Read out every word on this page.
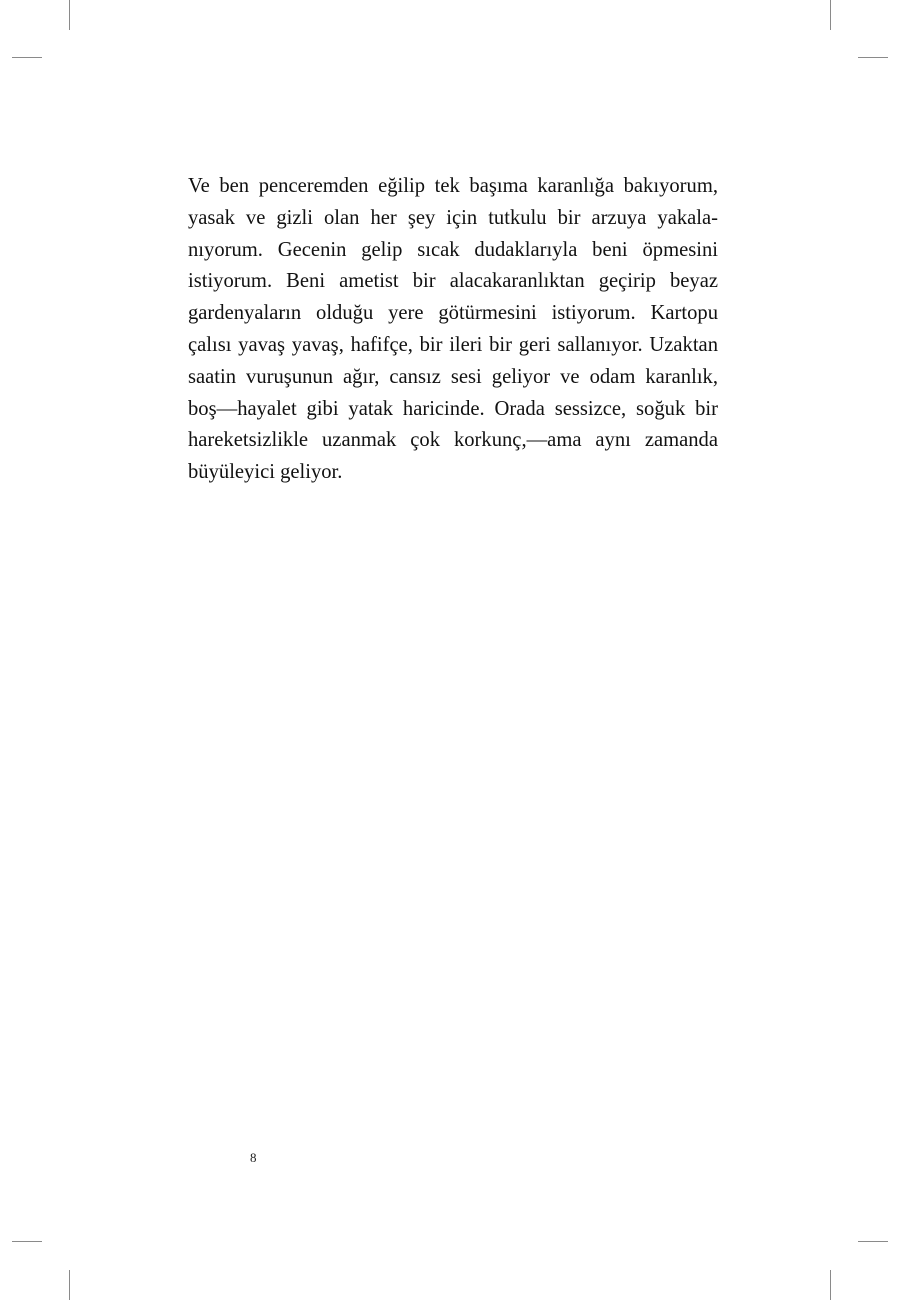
Ve ben penceremden eğilip tek başıma karanlığa bakıyorum,
yasak ve gizli olan her şey için tutkulu bir arzuya yakala-
nıyorum. Gecenin gelip sıcak dudaklarıyla beni öpmesini
istiyorum. Beni ametist bir alacakaranlıktan geçirip beyaz
gardenyaların olduğu yere götürmesini istiyorum. Kartopu
çalısı yavaş yavaş, hafifçe, bir ileri bir geri sallanıyor. Uzaktan
saatin vuruşunun ağır, cansız sesi geliyor ve odam karanlık,
boş—hayalet gibi yatak haricinde. Orada sessizce, soğuk bir
hareketsizlikle uzanmak çok korkunç,—ama aynı zamanda
büyüleyici geliyor.
8
